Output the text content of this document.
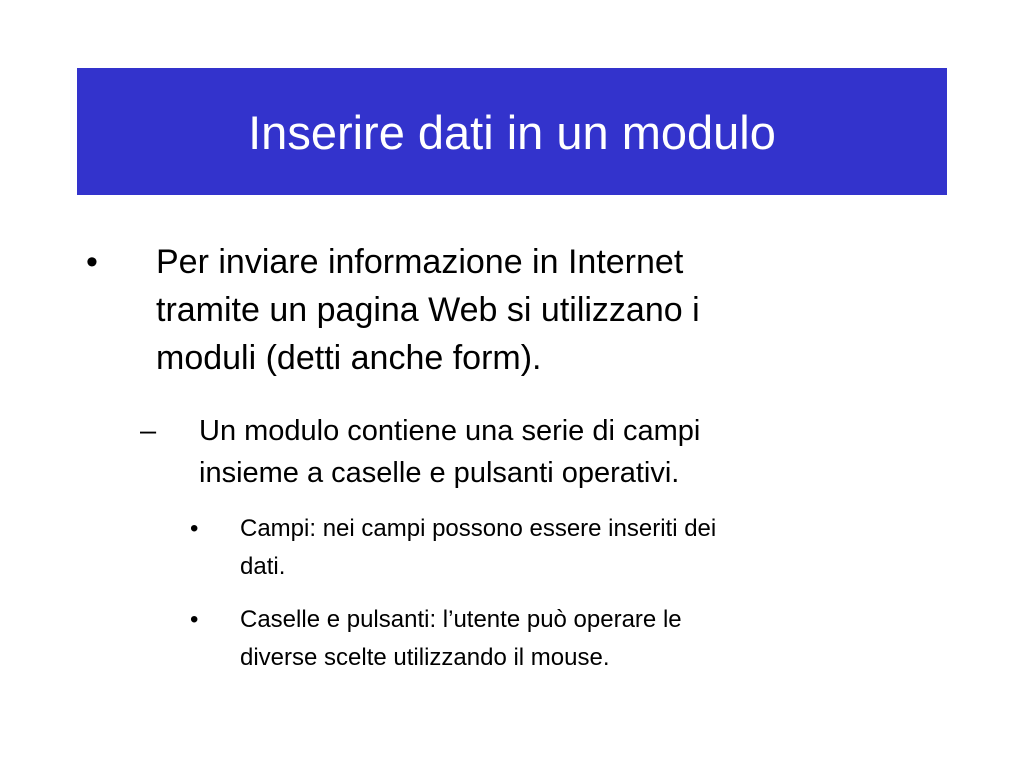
Inserire dati in un modulo
• Per inviare informazione in Internet
tramite un pagina Web si utilizzano i
moduli (detti anche form).
– Un modulo contiene una serie di campi
insieme a caselle e pulsanti operativi.
• Campi: nei campi possono essere inseriti dei
dati.
• Caselle e pulsanti: l’utente può operare le
diverse scelte utilizzando il mouse.
